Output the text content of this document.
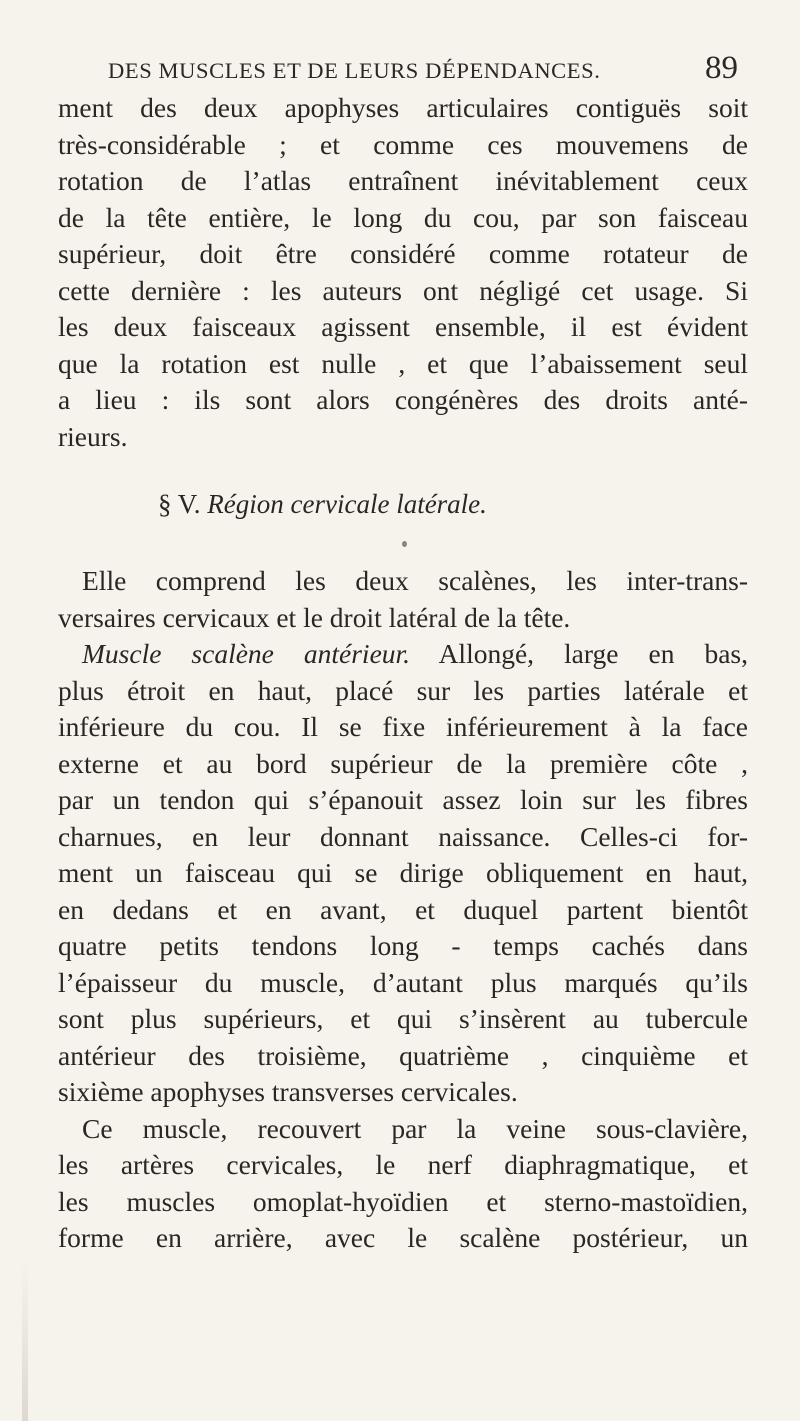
DES MUSCLES ET DE LEURS DÉPENDANCES.	89
ment des deux apophyses articulaires contiguës soit
très-considérable ; et comme ces mouvemens de
rotation de l’atlas entraînent inévitablement ceux
de la tête entière, le long du cou, par son faisceau
supérieur, doit être considéré comme rotateur de
cette dernière : les auteurs ont négligé cet usage. Si
les deux faisceaux agissent ensemble, il est évident
que la rotation est nulle , et que l’abaissement seul
a lieu : ils sont alors congénères des droits anté-
rieurs.
§ V. Région cervicale latérale.
Elle comprend les deux scalènes, les inter-trans-
versaires cervicaux et le droit latéral de la tête.
Muscle scalène antérieur. Allongé, large en bas,
plus étroit en haut, placé sur les parties latérale et
inférieure du cou. Il se fixe inférieurement à la face
externe et au bord supérieur de la première côte ,
par un tendon qui s’épanouit assez loin sur les fibres
charnues, en leur donnant naissance. Celles-ci for-
ment un faisceau qui se dirige obliquement en haut,
en dedans et en avant, et duquel partent bientôt
quatre petits tendons long - temps cachés dans
l’épaisseur du muscle, d’autant plus marqués qu’ils
sont plus supérieurs, et qui s’insèrent au tubercule
antérieur des troisième, quatrième , cinquième et
sixième apophyses transverses cervicales.
Ce muscle, recouvert par la veine sous-clavière,
les artères cervicales, le nerf diaphragmatique, et
les muscles omoplat-hyoïdien et sterno-mastoïdien,
forme en arrière, avec le scalène postérieur, un
